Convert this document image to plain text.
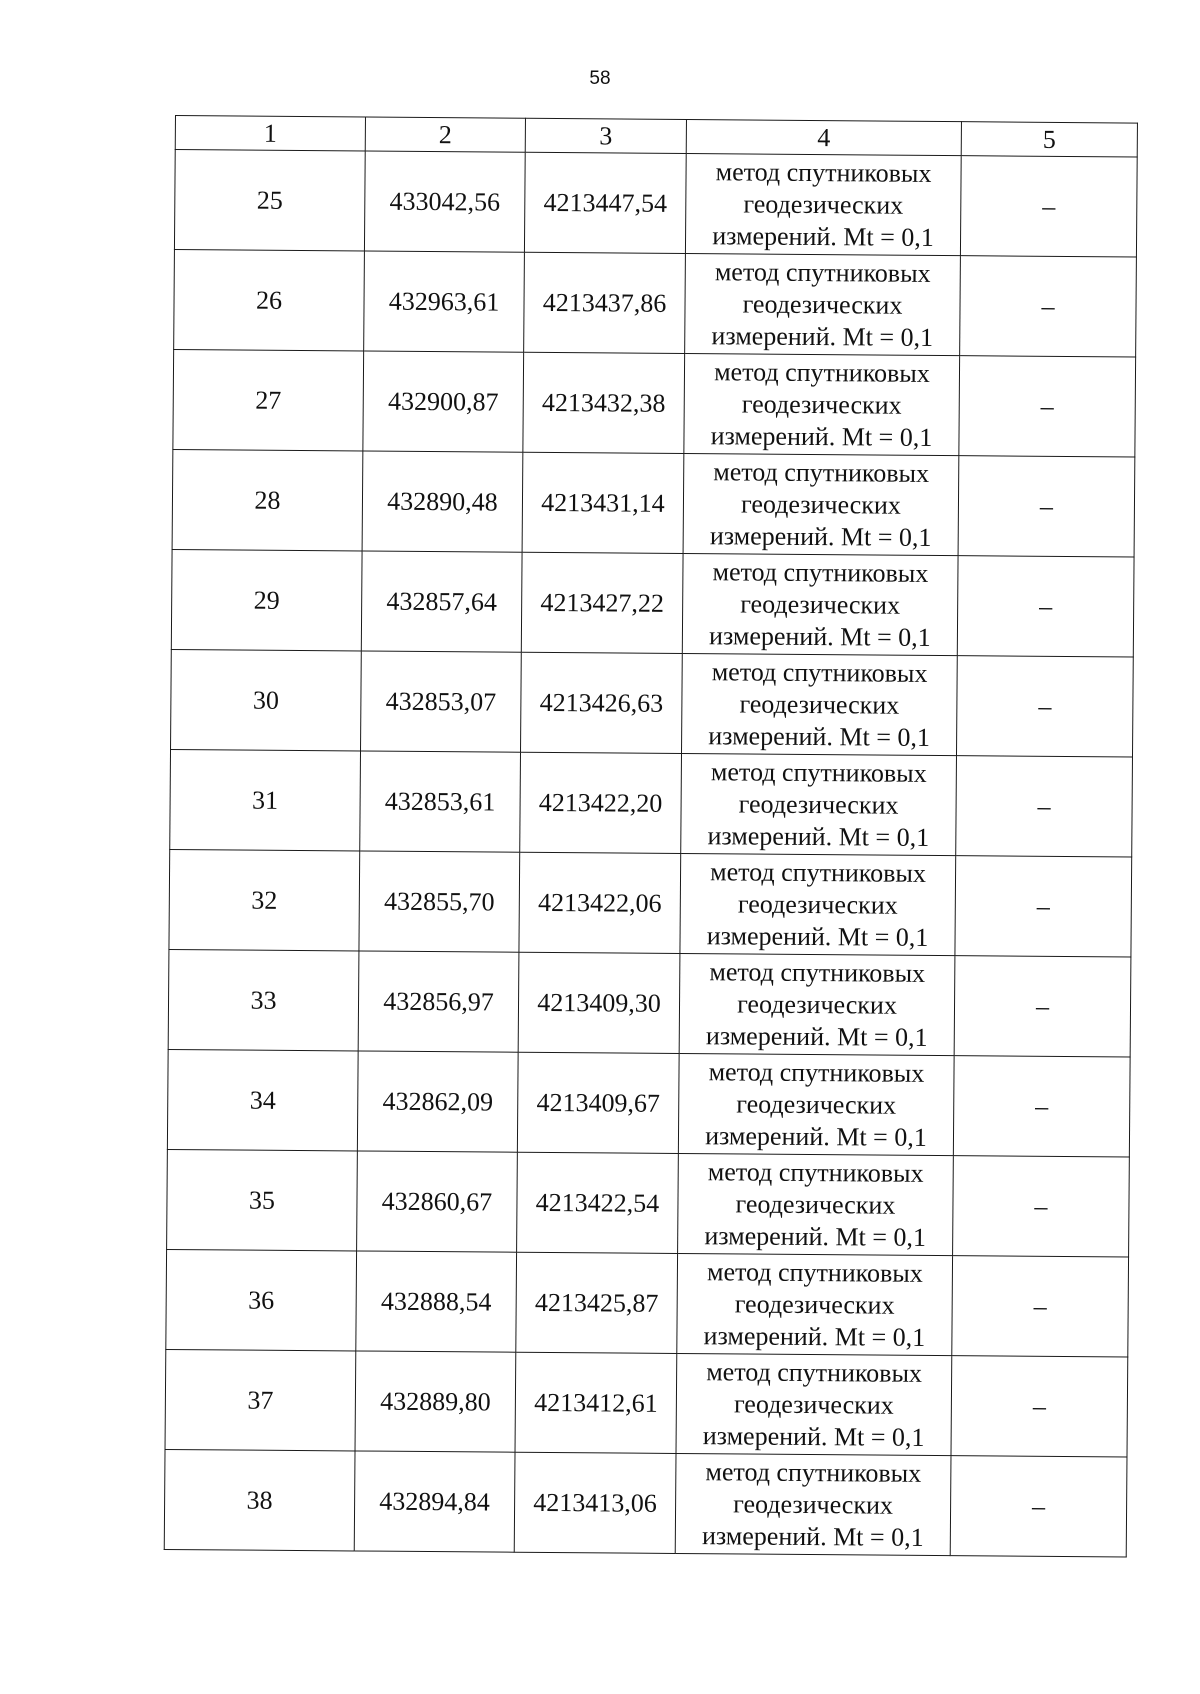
58
1	2	3	4	5
25	433042,56	4213447,54	метод спутниковых геодезических измерений. Mt = 0,1	–
26	432963,61	4213437,86	метод спутниковых геодезических измерений. Mt = 0,1	–
27	432900,87	4213432,38	метод спутниковых геодезических измерений. Mt = 0,1	–
28	432890,48	4213431,14	метод спутниковых геодезических измерений. Mt = 0,1	–
29	432857,64	4213427,22	метод спутниковых геодезических измерений. Mt = 0,1	–
30	432853,07	4213426,63	метод спутниковых геодезических измерений. Mt = 0,1	–
31	432853,61	4213422,20	метод спутниковых геодезических измерений. Mt = 0,1	–
32	432855,70	4213422,06	метод спутниковых геодезических измерений. Mt = 0,1	–
33	432856,97	4213409,30	метод спутниковых геодезических измерений. Mt = 0,1	–
34	432862,09	4213409,67	метод спутниковых геодезических измерений. Mt = 0,1	–
35	432860,67	4213422,54	метод спутниковых геодезических измерений. Mt = 0,1	–
36	432888,54	4213425,87	метод спутниковых геодезических измерений. Mt = 0,1	–
37	432889,80	4213412,61	метод спутниковых геодезических измерений. Mt = 0,1	–
38	432894,84	4213413,06	метод спутниковых геодезических измерений. Mt = 0,1	–
